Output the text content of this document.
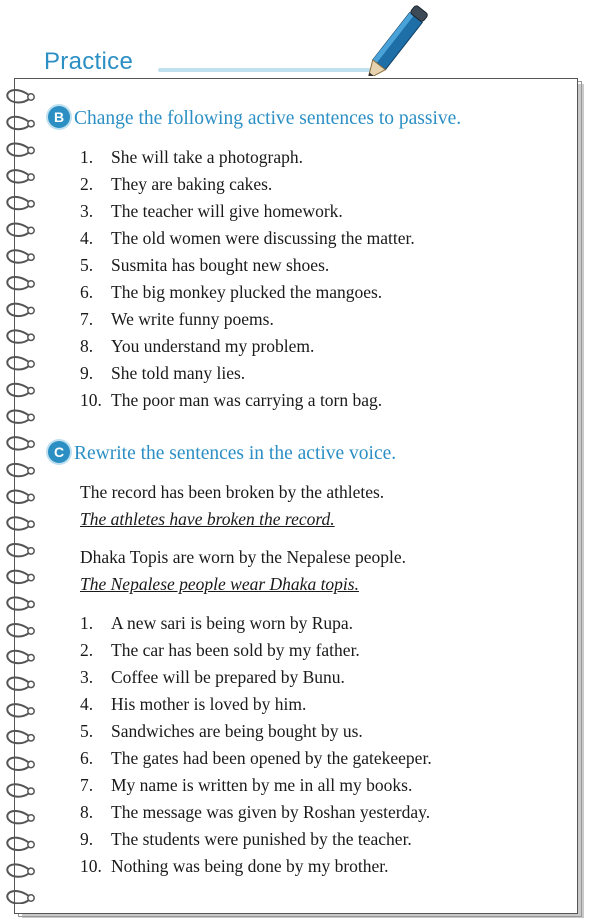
Practice
B Change the following active sentences to passive.
1. She will take a photograph.
2. They are baking cakes.
3. The teacher will give homework.
4. The old women were discussing the matter.
5. Susmita has bought new shoes.
6. The big monkey plucked the mangoes.
7. We write funny poems.
8. You understand my problem.
9. She told many lies.
10. The poor man was carrying a torn bag.
C Rewrite the sentences in the active voice.
The record has been broken by the athletes.
The athletes have broken the record.
Dhaka Topis are worn by the Nepalese people.
The Nepalese people wear Dhaka topis.
1. A new sari is being worn by Rupa.
2. The car has been sold by my father.
3. Coffee will be prepared by Bunu.
4. His mother is loved by him.
5. Sandwiches are being bought by us.
6. The gates had been opened by the gatekeeper.
7. My name is written by me in all my books.
8. The message was given by Roshan yesterday.
9. The students were punished by the teacher.
10. Nothing was being done by my brother.
